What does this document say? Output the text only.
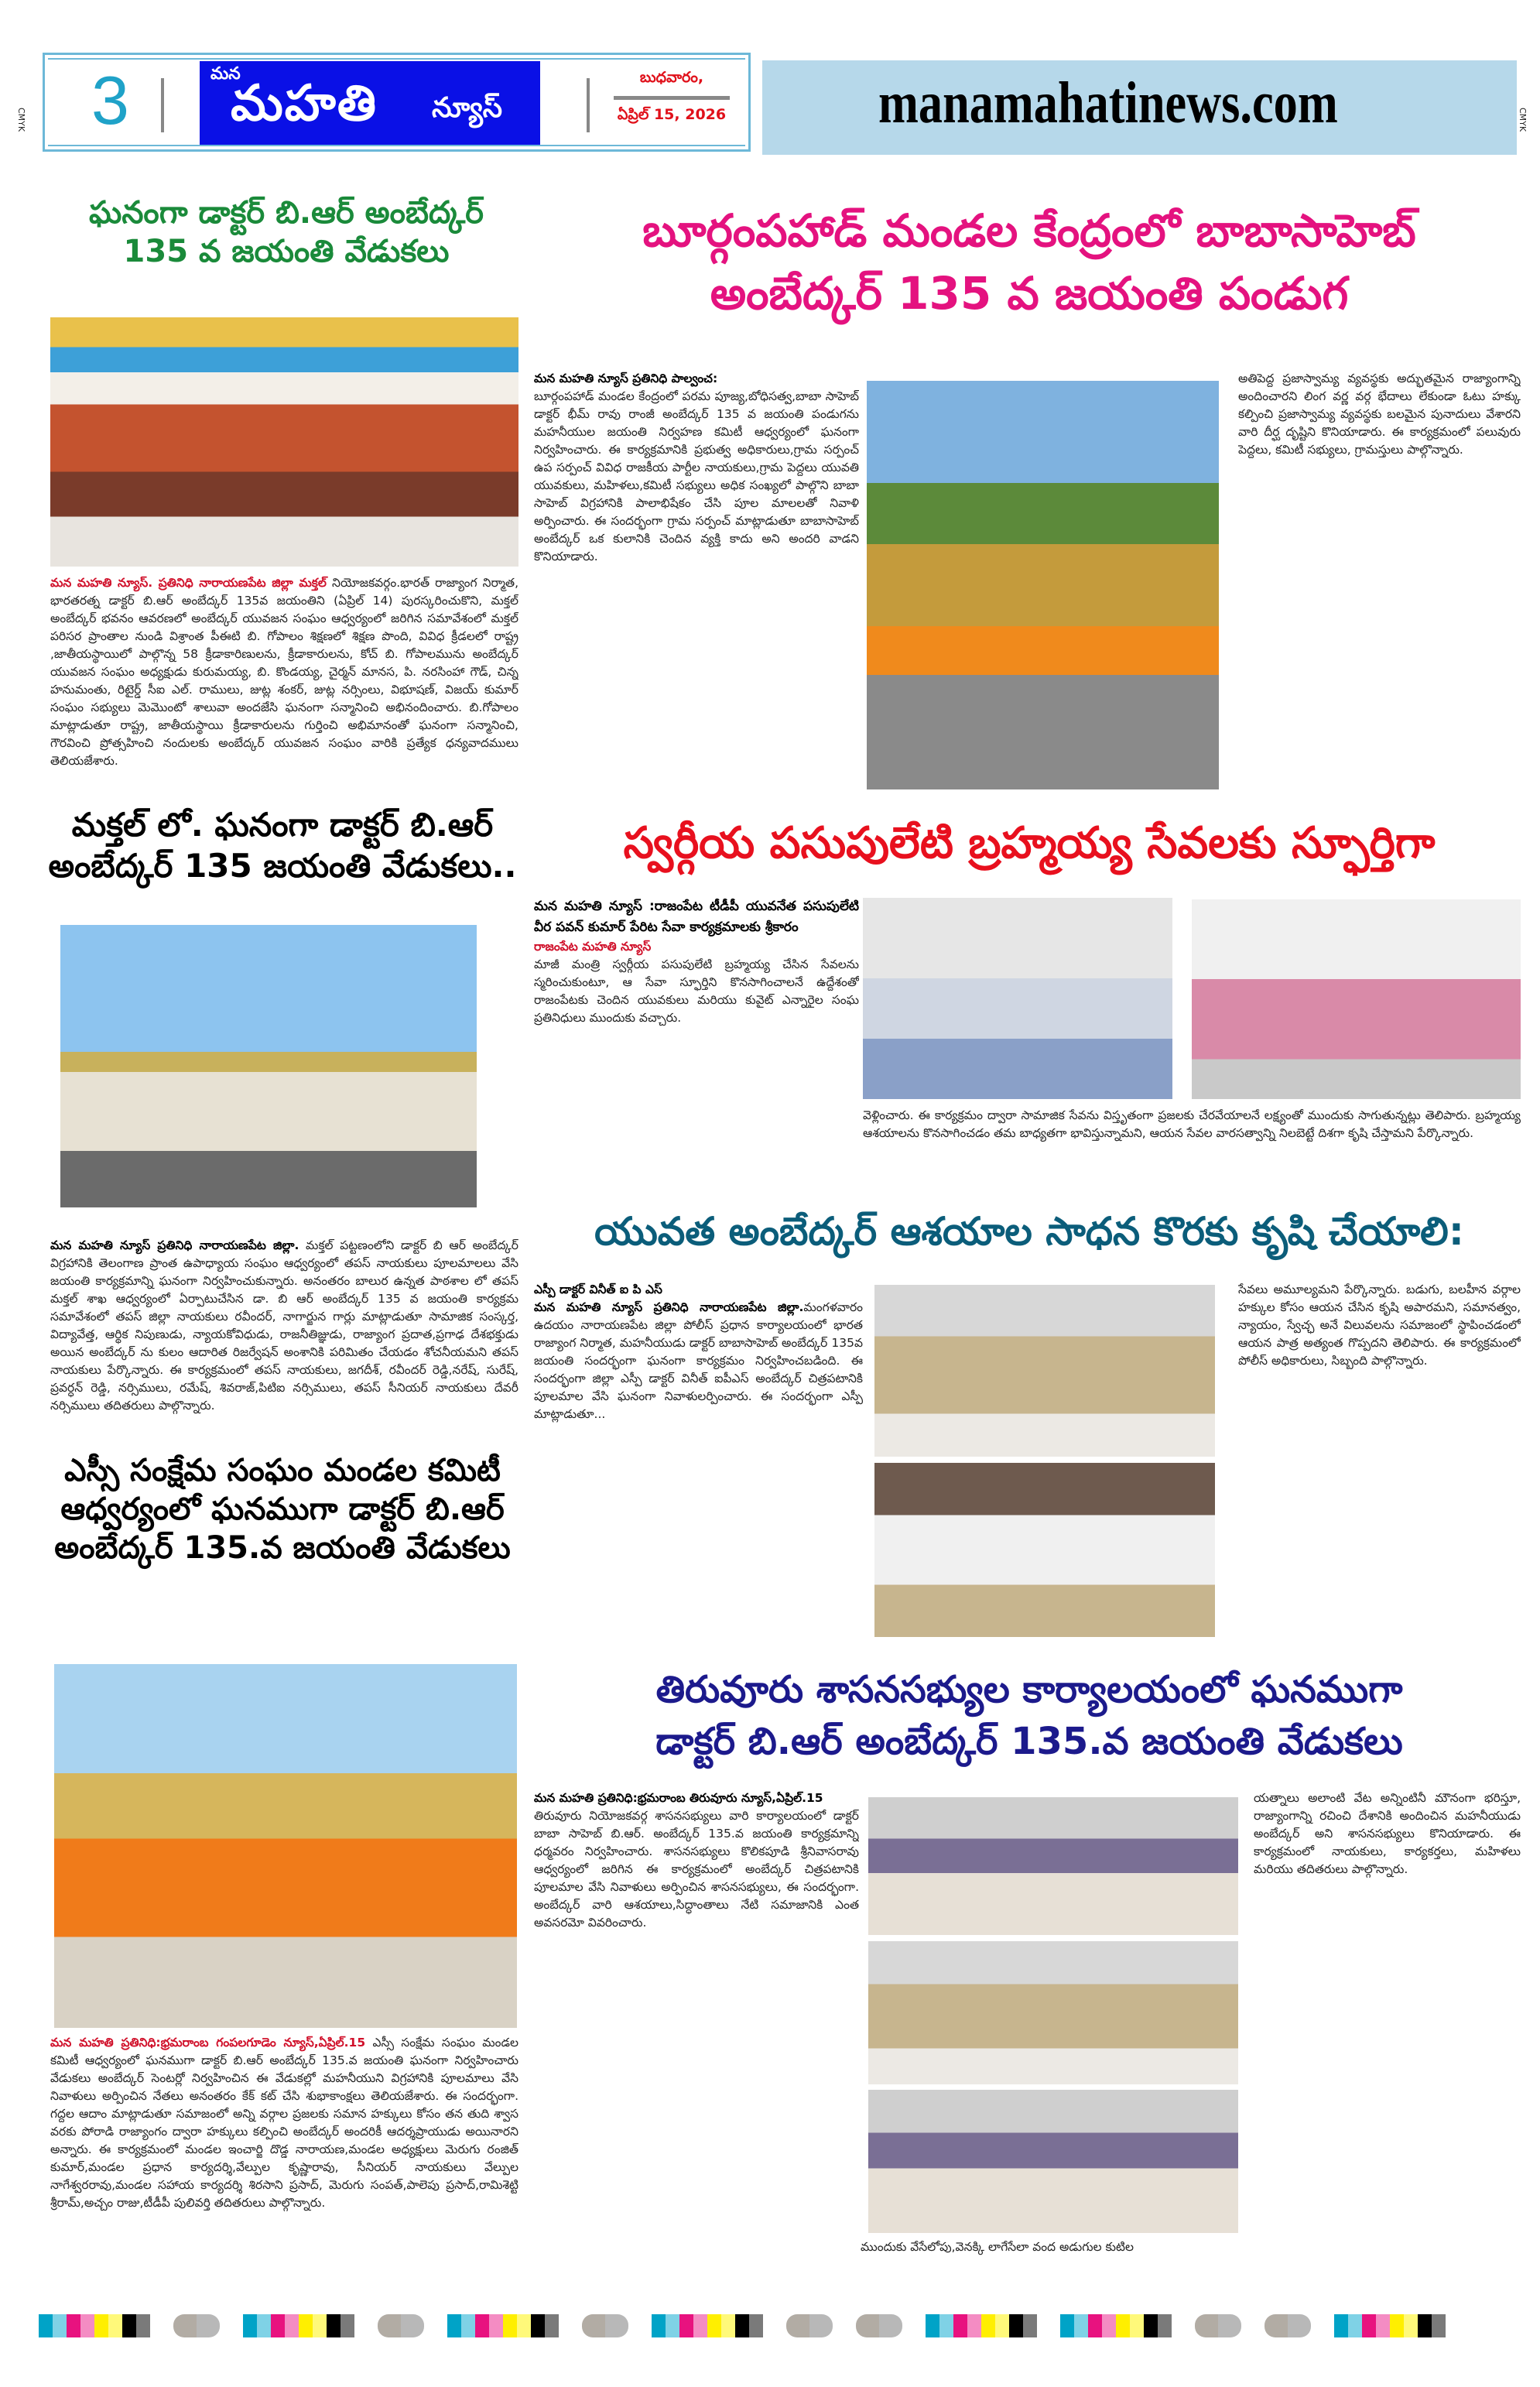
CMYK	CMYK
3	మన
మహతి న్యూస్
బుధవారం,
ఏప్రిల్ 15, 2026	manamahatinews.com
ఘనంగా డాక్టర్ బి.ఆర్ అంబేద్కర్
135 వ జయంతి వేడుకలు
మన మహతి న్యూస్. ప్రతినిధి నారాయణపేట జిల్లా మక్తల్ నియోజకవర్గం.భారత్ రాజ్యాంగ నిర్మాత, భారతరత్న డాక్టర్ బి.ఆర్ అంబేద్కర్ 135వ జయంతిని (ఏప్రిల్ 14) పురస్కరించుకొని, మక్తల్ అంబేద్కర్ భవనం ఆవరణలో అంబేద్కర్ యువజన సంఘం ఆధ్వర్యంలో జరిగిన సమావేశంలో మక్తల్ పరిసర ప్రాంతాల నుండి విశ్రాంత పీఈటి బి. గోపాలం శిక్షణలో శిక్షణ పొంది, వివిధ క్రీడలలో రాష్ట్ర ,జాతీయస్థాయిలో పాల్గొన్న 58 క్రీడాకారిణులను, క్రీడాకారులను, కోచ్ బి. గోపాలమును అంబేద్కర్ యువజన సంఘం అధ్యక్షుడు కురుమయ్య, బి. కొండయ్య, చైర్మన్ మానస, పి. నరసింహా గౌడ్, చిన్న హనుమంతు, రిటైర్డ్ సీఐ ఎల్. రాములు, జుట్ల శంకర్, జుట్ల నర్సింలు, విభూషణ్, విజయ్ కుమార్ సంఘం సభ్యులు మెమొంటో శాలువా అందజేసి ఘనంగా సన్మానించి అభినందించారు. బి.గోపాలం మాట్లాడుతూ రాష్ట్ర, జాతీయస్థాయి క్రీడాకారులను గుర్తించి అభిమానంతో ఘనంగా సన్మానించి, గౌరవించి ప్రోత్సహించి నందులకు అంబేద్కర్ యువజన సంఘం వారికి ప్రత్యేక ధన్యవాదములు తెలియజేశారు.
మక్తల్ లో. ఘనంగా డాక్టర్ బి.ఆర్
అంబేద్కర్ 135 జయంతి వేడుకలు..
మన మహతి న్యూస్ ప్రతినిధి నారాయణపేట జిల్లా. మక్తల్ పట్టణంలోని డాక్టర్ బి ఆర్ అంబేద్కర్ విగ్రహానికి తెలంగాణ ప్రాంత ఉపాధ్యాయ సంఘం ఆధ్వర్యంలో తపస్ నాయకులు పూలమాలలు వేసి జయంతి కార్యక్రమాన్ని ఘనంగా నిర్వహించుకున్నారు. అనంతరం బాలుర ఉన్నత పాఠశాల లో తపస్ మక్తల్ శాఖ ఆధ్వర్యంలో ఏర్పాటుచేసిన డా. బి ఆర్ అంబేద్కర్ 135 వ జయంతి కార్యక్రమ సమావేశంలో తపస్ జిల్లా నాయకులు రవీందర్, నాగార్జున గార్లు మాట్లాడుతూ సామాజిక సంస్కర్త, విద్యావేత్త, ఆర్థిక నిపుణుడు, న్యాయకోవిధుడు, రాజనీతిజ్ఞుడు, రాజ్యాంగ ప్రదాత,ప్రగాఢ దేశభక్తుడు అయిన అంబేద్కర్ ను కులం ఆదారిత రిజర్వేషన్ అంశానికి పరిమితం చేయడం శోచనీయమని తపస్ నాయకులు పేర్కొన్నారు. ఈ కార్యక్రమంలో తపస్ నాయకులు, జగదీశ్, రవీందర్ రెడ్డి,నరేష్, సురేష్, ప్రవర్ధన్ రెడ్డి, నర్సిములు, రమేష్, శివరాజ్,పిటిఐ నర్సిములు, తపస్ సీనియర్ నాయకులు దేవరీ నర్సిములు తదితరులు పాల్గొన్నారు.
ఎస్సీ సంక్షేమ సంఘం మండల కమిటీ
ఆధ్వర్యంలో ఘనముగా డాక్టర్ బి.ఆర్
అంబేద్కర్ 135.వ జయంతి వేడుకలు
మన మహతి ప్రతినిధి:భ్రమరాంబ గంపలగూడెం న్యూస్,ఏప్రిల్.15 ఎస్సీ సంక్షేమ సంఘం మండల కమిటీ ఆధ్వర్యంలో ఘనముగా డాక్టర్ బి.ఆర్ అంబేద్కర్ 135.వ జయంతి ఘనంగా నిర్వహించారు వేడుకలు అంబేద్కర్ సెంటర్లో నిర్వహించిన ఈ వేడుకల్లో మహనీయుని విగ్రహానికి పూలమాలు వేసి నివాళులు అర్పించిన నేతలు అనంతరం కేక్ కట్ చేసి శుభాకాంక్షలు తెలియజేశారు. ఈ సందర్భంగా. గద్దల ఆదాం మాట్లాడుతూ సమాజంలో అన్ని వర్గాల ప్రజలకు సమాన హక్కులు కోసం తన తుది శ్వాస వరకు పోరాడి రాజ్యాంగం ద్వారా హక్కులు కల్పించి అంబేద్కర్ అందరికీ ఆదర్శప్రాయుడు అయినారని అన్నారు. ఈ కార్యక్రమంలో మండల ఇంచార్జి దొడ్డ నారాయణ,మండల అధ్యక్షులు మెరుగు రంజిత్ కుమార్,మండల ప్రధాన కార్యదర్శి,వేల్పుల కృష్ణారావు, సీనియర్ నాయకులు వేల్పుల నాగేశ్వరరావు,మండల సహాయ కార్యదర్శి శిరసాని ప్రసాద్, మెరుగు సంపత్,పాలెపు ప్రసాద్,రామిశెట్టి శ్రీరామ్,అచ్చం రాజు,టీడీపీ పులివర్తి తదితరులు పాల్గొన్నారు.
బూర్గంపహాడ్ మండల కేంద్రంలో బాబాసాహెబ్
అంబేద్కర్ 135 వ జయంతి పండుగ
మన మహతి న్యూస్ ప్రతినిధి పాల్వంచ:
బూర్గంపహాడ్ మండల కేంద్రంలో పరమ పూజ్య,బోధిసత్వ,బాబా సాహెబ్ డాక్టర్ భీమ్ రావు రాంజీ అంబేద్కర్ 135 వ జయంతి పండుగను మహనీయుల జయంతి నిర్వహణ కమిటీ ఆధ్వర్యంలో ఘనంగా నిర్వహించారు. ఈ కార్యక్రమానికి ప్రభుత్వ అధికారులు,గ్రామ సర్పంచ్ ఉప సర్పంచ్ వివిధ రాజకీయ పార్టీల నాయకులు,గ్రామ పెద్దలు యువతి యువకులు, మహిళలు,కమిటీ సభ్యులు అధిక సంఖ్యలో పాల్గొని బాబా సాహెబ్ విగ్రహానికి పాలాభిషేకం చేసి పూల మాలలతో నివాళి అర్పించారు. ఈ సందర్భంగా గ్రామ సర్పంచ్ మాట్లాడుతూ బాబాసాహెబ్ అంబేద్కర్ ఒక కులానికి చెందిన వ్యక్తి కాదు అని అందరి వాడని కొనియాడారు.
అతిపెద్ద ప్రజాస్వామ్య వ్యవస్థకు అద్భుతమైన రాజ్యాంగాన్ని అందించారని లింగ వర్ణ వర్గ భేదాలు లేకుండా ఓటు హక్కు కల్పించి ప్రజాస్వామ్య వ్యవస్థకు బలమైన పునాదులు వేశారని వారి దీర్ఘ దృష్టిని కొనియాడారు. ఈ కార్యక్రమంలో పలువురు పెద్దలు, కమిటీ సభ్యులు, గ్రామస్తులు పాల్గొన్నారు.
స్వర్గీయ పసుపులేటి బ్రహ్మయ్య సేవలకు స్ఫూర్తిగా
మన మహతి న్యూస్ :రాజంపేట టీడీపీ యువనేత పసుపులేటి వీర పవన్ కుమార్ పేరిట సేవా కార్యక్రమాలకు శ్రీకారం
రాజంపేట మహతి న్యూస్
మాజీ మంత్రి స్వర్గీయ పసుపులేటి బ్రహ్మయ్య చేసిన సేవలను స్మరించుకుంటూ, ఆ సేవా స్ఫూర్తిని కొనసాగించాలనే ఉద్దేశంతో రాజంపేటకు చెందిన యువకులు మరియు కువైట్ ఎన్నారైల సంఘ ప్రతినిధులు ముందుకు వచ్చారు.
వెళ్లించారు. ఈ కార్యక్రమం ద్వారా సామాజిక సేవను విస్తృతంగా ప్రజలకు చేరవేయాలనే లక్ష్యంతో ముందుకు సాగుతున్నట్లు తెలిపారు. బ్రహ్మయ్య ఆశయాలను కొనసాగించడం తమ బాధ్యతగా భావిస్తున్నామని, ఆయన సేవల వారసత్వాన్ని నిలబెట్టే దిశగా కృషి చేస్తామని పేర్కొన్నారు.
యువత అంబేద్కర్ ఆశయాల సాధన కొరకు కృషి చేయాలి:
ఎస్పీ డాక్టర్ వినీత్ ఐ పి ఎస్
మన మహతి న్యూస్ ప్రతినిధి నారాయణపేట జిల్లా.మంగళవారం ఉదయం నారాయణపేట జిల్లా పోలీస్ ప్రధాన కార్యాలయంలో భారత రాజ్యాంగ నిర్మాత, మహనీయుడు డాక్టర్ బాబాసాహెబ్ అంబేద్కర్ 135వ జయంతి సందర్భంగా ఘనంగా కార్యక్రమం నిర్వహించబడింది. ఈ సందర్భంగా జిల్లా ఎస్పీ డాక్టర్ వినీత్ ఐపీఎస్ అంబేద్కర్ చిత్రపటానికి పూలమాల వేసి ఘనంగా నివాళులర్పించారు. ఈ సందర్భంగా ఎస్పీ మాట్లాడుతూ...
సేవలు అమూల్యమని పేర్కొన్నారు. బడుగు, బలహీన వర్గాల హక్కుల కోసం ఆయన చేసిన కృషి అపారమని, సమానత్వం, న్యాయం, స్వేచ్ఛ అనే విలువలను సమాజంలో స్థాపించడంలో ఆయన పాత్ర అత్యంత గొప్పదని తెలిపారు. ఈ కార్యక్రమంలో పోలీస్ అధికారులు, సిబ్బంది పాల్గొన్నారు.
తిరువూరు శాసనసభ్యుల కార్యాలయంలో ఘనముగా
డాక్టర్ బి.ఆర్ అంబేద్కర్ 135.వ జయంతి వేడుకలు
మన మహతి ప్రతినిధి:భ్రమరాంబ తిరువూరు న్యూస్,ఏప్రిల్.15
తిరువూరు నియోజకవర్గ శాసనసభ్యులు వారి కార్యాలయంలో డాక్టర్ బాబా సాహెబ్ బి.ఆర్. అంబేద్కర్ 135.వ జయంతి కార్యక్రమాన్ని ధర్మవరం నిర్వహించారు. శాసనసభ్యులు కొలికపూడి శ్రీనివాసరావు ఆధ్వర్యంలో జరిగిన ఈ కార్యక్రమంలో అంబేద్కర్ చిత్రపటానికి పూలమాల వేసి నివాళులు అర్పించిన శాసనసభ్యులు, ఈ సందర్భంగా. అంబేద్కర్ వారి ఆశయాలు,సిద్ధాంతాలు నేటి సమాజానికి ఎంత అవసరమో వివరించారు.
ముందుకు వేసేలోపు,వెనక్కి లాగేసేలా వంద అడుగుల కుటిల
యత్నాలు అలాంటి వేట అన్నింటినీ మౌనంగా భరిస్తూ, రాజ్యాంగాన్ని రచించి దేశానికి అందించిన మహనీయుడు అంబేద్కర్ అని శాసనసభ్యులు కొనియాడారు. ఈ కార్యక్రమంలో నాయకులు, కార్యకర్తలు, మహిళలు మరియు తదితరులు పాల్గొన్నారు.
